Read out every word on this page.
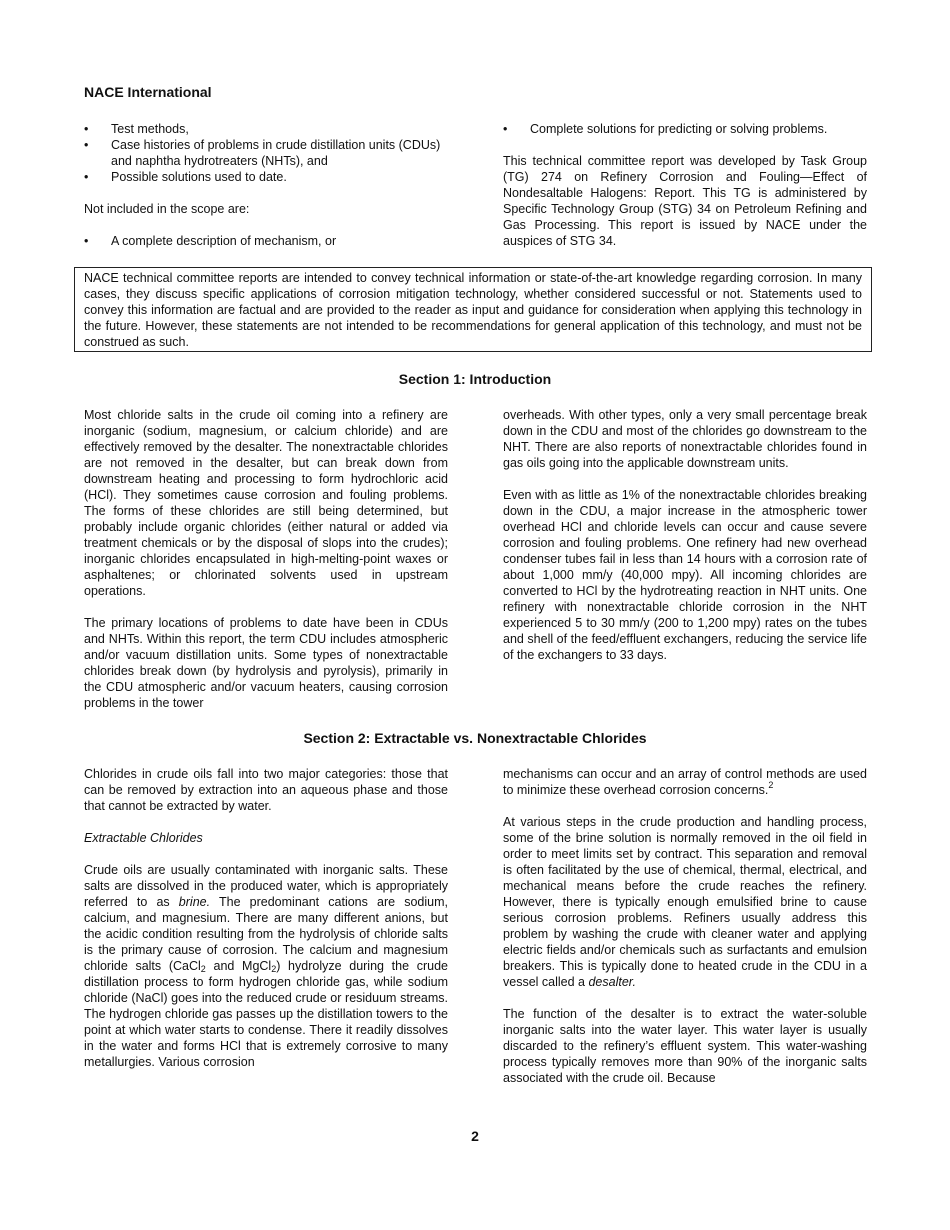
NACE International
• Test methods,
• Case histories of problems in crude distillation units (CDUs) and naphtha hydrotreaters (NHTs), and
• Possible solutions used to date.

Not included in the scope are:

• A complete description of mechanism, or
• Complete solutions for predicting or solving problems.

This technical committee report was developed by Task Group (TG) 274 on Refinery Corrosion and Fouling—Effect of Nondesaltable Halogens: Report. This TG is administered by Specific Technology Group (STG) 34 on Petroleum Refining and Gas Processing. This report is issued by NACE under the auspices of STG 34.

NACE technical committee reports are intended to convey technical information or state-of-the-art knowledge regarding corrosion. In many cases, they discuss specific applications of corrosion mitigation technology, whether considered successful or not. Statements used to convey this information are factual and are provided to the reader as input and guidance for consideration when applying this technology in the future. However, these statements are not intended to be recommendations for general application of this technology, and must not be construed as such.
Section 1: Introduction

Most chloride salts in the crude oil coming into a refinery are inorganic (sodium, magnesium, or calcium chloride) and are effectively removed by the desalter. The nonextractable chlorides are not removed in the desalter, but can break down from downstream heating and processing to form hydrochloric acid (HCl). They sometimes cause corrosion and fouling problems. The forms of these chlorides are still being determined, but probably include organic chlorides (either natural or added via treatment chemicals or by the disposal of slops into the crudes); inorganic chlorides encapsulated in high-melting-point waxes or asphaltenes; or chlorinated solvents used in upstream operations.

The primary locations of problems to date have been in CDUs and NHTs. Within this report, the term CDU includes atmospheric and/or vacuum distillation units. Some types of nonextractable chlorides break down (by hydrolysis and pyrolysis), primarily in the CDU atmospheric and/or vacuum heaters, causing corrosion problems in the tower

overheads. With other types, only a very small percentage break down in the CDU and most of the chlorides go downstream to the NHT. There are also reports of nonextractable chlorides found in gas oils going into the applicable downstream units.

Even with as little as 1% of the nonextractable chlorides breaking down in the CDU, a major increase in the atmospheric tower overhead HCl and chloride levels can occur and cause severe corrosion and fouling problems. One refinery had new overhead condenser tubes fail in less than 14 hours with a corrosion rate of about 1,000 mm/y (40,000 mpy). All incoming chlorides are converted to HCl by the hydrotreating reaction in NHT units. One refinery with nonextractable chloride corrosion in the NHT experienced 5 to 30 mm/y (200 to 1,200 mpy) rates on the tubes and shell of the feed/effluent exchangers, reducing the service life of the exchangers to 33 days.

Section 2: Extractable vs. Nonextractable Chlorides

Chlorides in crude oils fall into two major categories: those that can be removed by extraction into an aqueous phase and those that cannot be extracted by water.

Extractable Chlorides

Crude oils are usually contaminated with inorganic salts. These salts are dissolved in the produced water, which is appropriately referred to as brine. The predominant cations are sodium, calcium, and magnesium. There are many different anions, but the acidic condition resulting from the hydrolysis of chloride salts is the primary cause of corrosion. The calcium and magnesium chloride salts (CaCl$_2$ and MgCl$_2$) hydrolyze during the crude distillation process to form hydrogen chloride gas, while sodium chloride (NaCl) goes into the reduced crude or residuum streams. The hydrogen chloride gas passes up the distillation towers to the point at which water starts to condense. There it readily dissolves in the water and forms HCl that is extremely corrosive to many metallurgies. Various corrosion

mechanisms can occur and an array of control methods are used to minimize these overhead corrosion concerns.$^2$

At various steps in the crude production and handling process, some of the brine solution is normally removed in the oil field in order to meet limits set by contract. This separation and removal is often facilitated by the use of chemical, thermal, electrical, and mechanical means before the crude reaches the refinery. However, there is typically enough emulsified brine to cause serious corrosion problems. Refiners usually address this problem by washing the crude with cleaner water and applying electric fields and/or chemicals such as surfactants and emulsion breakers. This is typically done to heated crude in the CDU in a vessel called a desalter.

The function of the desalter is to extract the water-soluble inorganic salts into the water layer. This water layer is usually discarded to the refinery’s effluent system. This water-washing process typically removes more than 90% of the inorganic salts associated with the crude oil. Because

2
